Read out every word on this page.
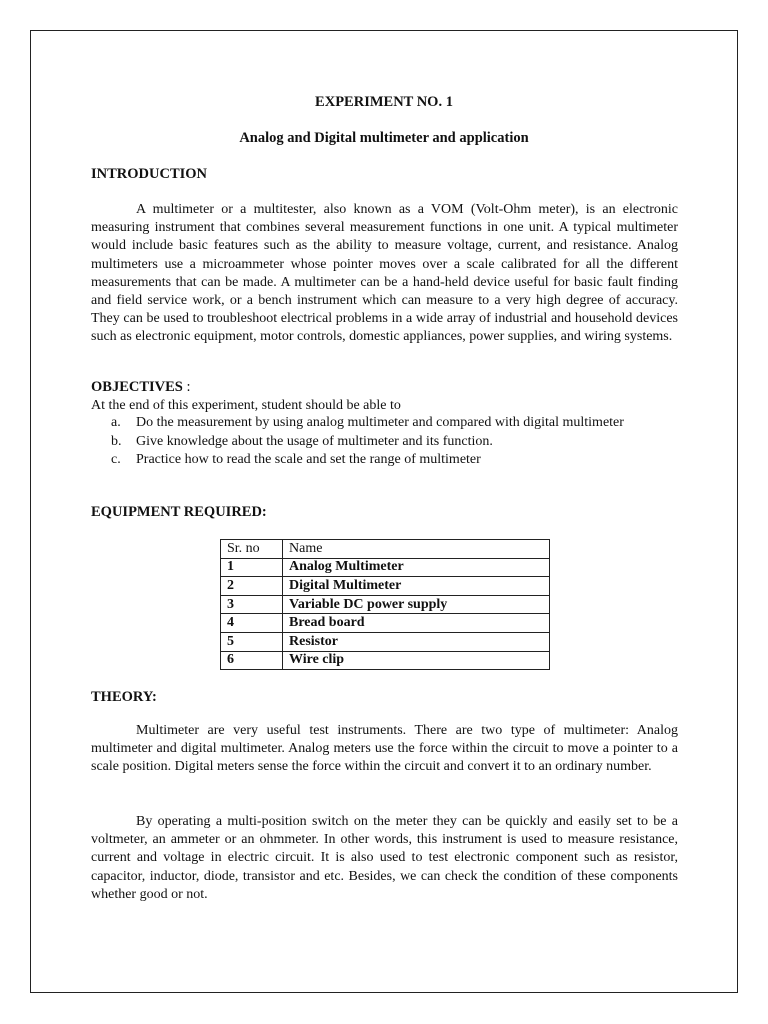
EXPERIMENT NO. 1
Analog and Digital multimeter and application
INTRODUCTION

A multimeter or a multitester, also known as a VOM (Volt-Ohm meter), is an electronic measuring instrument that combines several measurement functions in one unit. A typical multimeter would include basic features such as the ability to measure voltage, current, and resistance. Analog multimeters use a microammeter whose pointer moves over a scale calibrated for all the different measurements that can be made. A multimeter can be a hand-held device useful for basic fault finding and field service work, or a bench instrument which can measure to a very high degree of accuracy. They can be used to troubleshoot electrical problems in a wide array of industrial and household devices such as electronic equipment, motor controls, domestic appliances, power supplies, and wiring systems.

OBJECTIVES :
At the end of this experiment, student should be able to
a.	Do the measurement by using analog multimeter and compared with digital multimeter
b.	Give knowledge about the usage of multimeter and its function.
c.	Practice how to read the scale and set the range of multimeter
EQUIPMENT REQUIRED:
Sr. no	Name
1	Analog Multimeter
2	Digital Multimeter
3	Variable DC power supply
4	Bread board
5	Resistor
6	Wire clip
THEORY:

Multimeter are very useful test instruments. There are two type of multimeter: Analog multimeter and digital multimeter. Analog meters use the force within the circuit to move a pointer to a scale position. Digital meters sense the force within the circuit and convert it to an ordinary number.

By operating a multi-position switch on the meter they can be quickly and easily set to be a voltmeter, an ammeter or an ohmmeter. In other words, this instrument is used to measure resistance, current and voltage in electric circuit. It is also used to test electronic component such as resistor, capacitor, inductor, diode, transistor and etc. Besides, we can check the condition of these components whether good or not.
